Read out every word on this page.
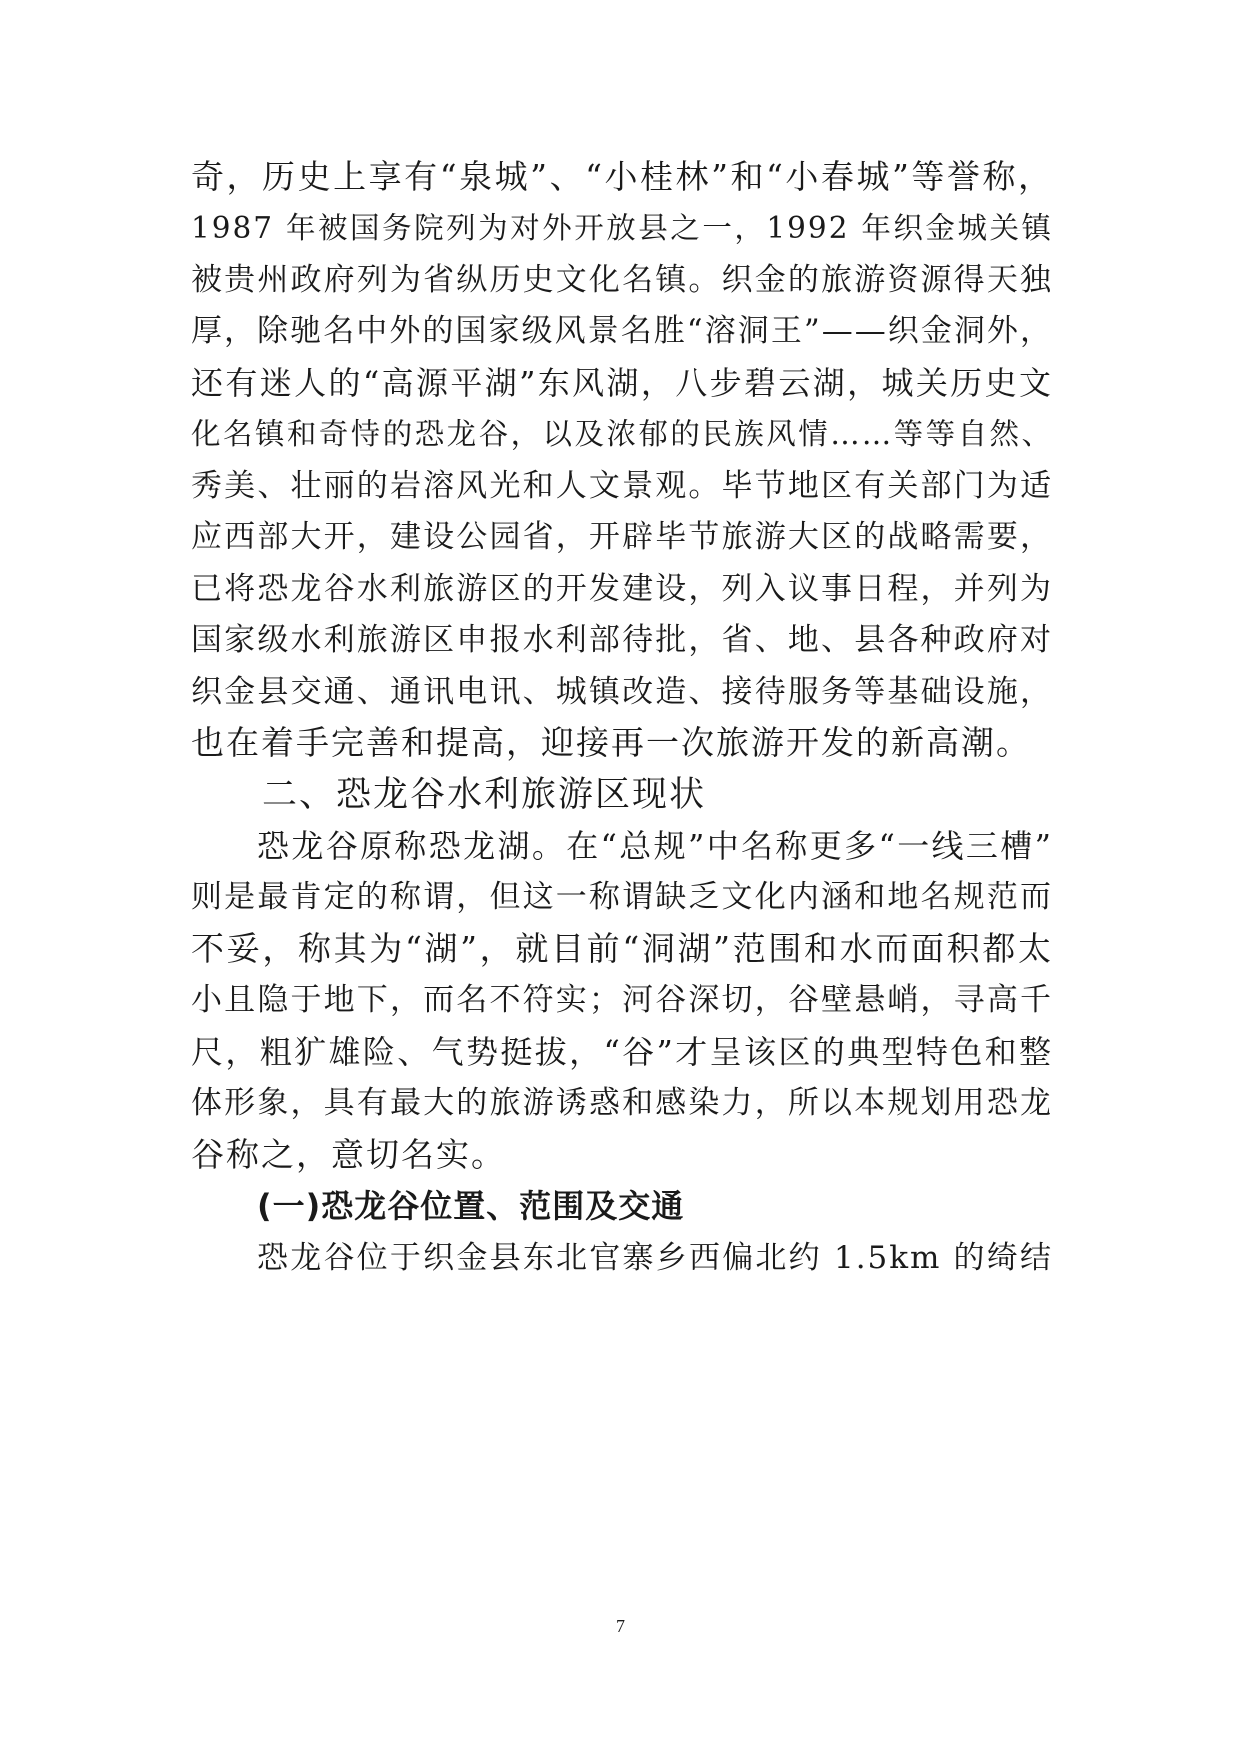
奇，历史上享有“泉城”、“小桂林”和“小春城”等誉称，
1987 年被国务院列为对外开放县之一，1992 年织金城关镇
被贵州政府列为省纵历史文化名镇。织金的旅游资源得天独
厚，除驰名中外的国家级风景名胜“溶洞王”——织金洞外，
还有迷人的“高源平湖”东风湖，八步碧云湖，城关历史文
化名镇和奇恃的恐龙谷，以及浓郁的民族风情……等等自然、
秀美、壮丽的岩溶风光和人文景观。毕节地区有关部门为适
应西部大开，建设公园省，开辟毕节旅游大区的战略需要，
已将恐龙谷水利旅游区的开发建设，列入议事日程，并列为
国家级水利旅游区申报水利部待批，省、地、县各种政府对
织金县交通、通讯电讯、城镇改造、接待服务等基础设施，
也在着手完善和提高，迎接再一次旅游开发的新高潮。
二、恐龙谷水利旅游区现状
恐龙谷原称恐龙湖。在“总规”中名称更多“一线三槽”
则是最肯定的称谓，但这一称谓缺乏文化内涵和地名规范而
不妥，称其为“湖”，就目前“洞湖”范围和水而面积都太
小且隐于地下，而名不符实；河谷深切，谷壁悬峭，寻高千
尺，粗犷雄险、气势挺拔，“谷”才呈该区的典型特色和整
体形象，具有最大的旅游诱惑和感染力，所以本规划用恐龙
谷称之，意切名实。
(一)恐龙谷位置、范围及交通
恐龙谷位于织金县东北官寨乡西偏北约 1.5km 的绮结
7
